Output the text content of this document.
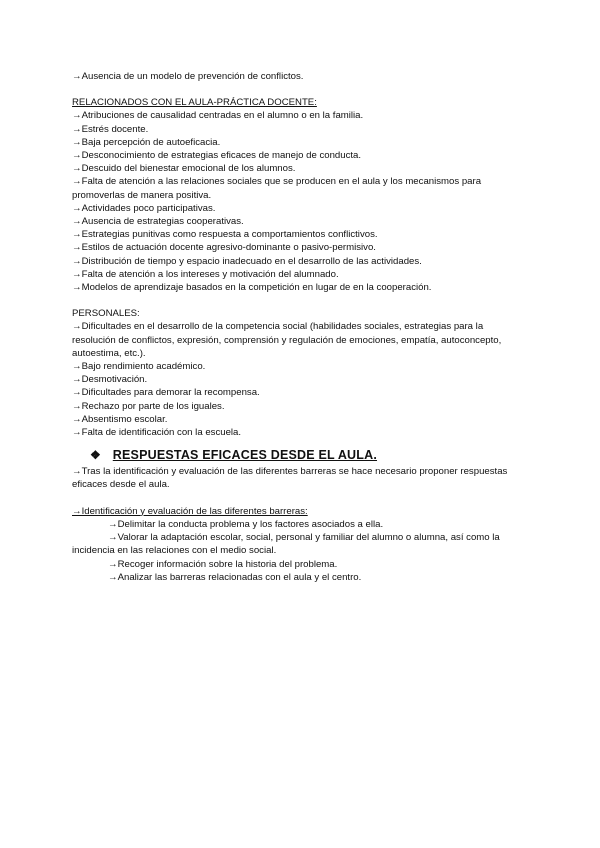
→Ausencia de un modelo de prevención de conflictos.
RELACIONADOS CON EL AULA-PRÁCTICA DOCENTE:
→Atribuciones de causalidad centradas en el alumno o en la familia.
→Estrés docente.
→Baja percepción de autoeficacia.
→Desconocimiento de estrategias eficaces de manejo de conducta.
→Descuido del bienestar emocional de los alumnos.
→Falta de atención a las relaciones sociales que se producen en el aula y los mecanismos para promoverlas de manera positiva.
→Actividades poco participativas.
→Ausencia de estrategias cooperativas.
→Estrategias punitivas como respuesta a comportamientos conflictivos.
→Estilos de actuación docente agresivo-dominante o pasivo-permisivo.
→Distribución de tiempo y espacio inadecuado en el desarrollo de las actividades.
→Falta de atención a los intereses y motivación del alumnado.
→Modelos de aprendizaje basados en la competición en lugar de en la cooperación.
PERSONALES:
→Dificultades en el desarrollo de la competencia social (habilidades sociales, estrategias para la resolución de conflictos, expresión, comprensión y regulación de emociones, empatía, autoconcepto, autoestima, etc.).
→Bajo rendimiento académico.
→Desmotivación.
→Dificultades para demorar la recompensa.
→Rechazo por parte de los iguales.
→Absentismo escolar.
→Falta de identificación con la escuela.
❖ RESPUESTAS EFICACES DESDE EL AULA.
→Tras la identificación y evaluación de las diferentes barreras se hace necesario proponer respuestas eficaces desde el aula.
→Identificación y evaluación de las diferentes barreras:
→Delimitar la conducta problema y los factores asociados a ella.
→Valorar la adaptación escolar, social, personal y familiar del alumno o alumna, así como la incidencia en las relaciones con el medio social.
→Recoger información sobre la historia del problema.
→Analizar las barreras relacionadas con el aula y el centro.
